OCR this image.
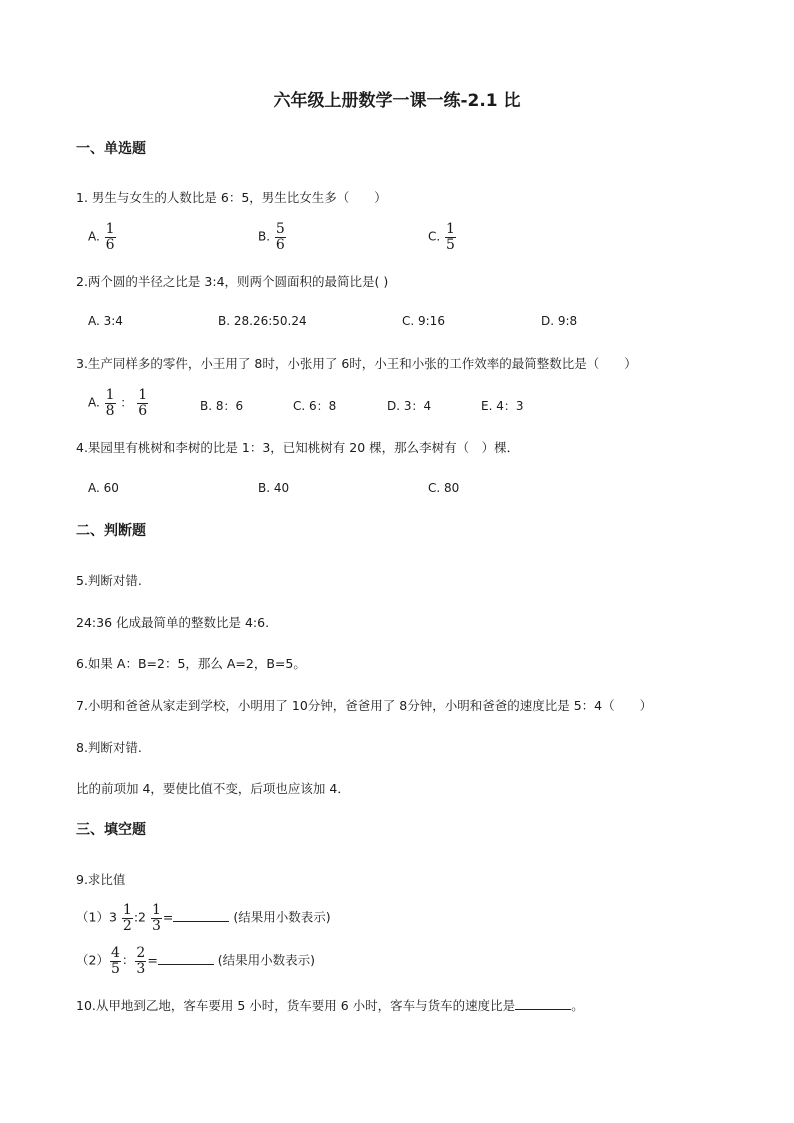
六年级上册数学一课一练-2.1 比
一、单选题
1. 男生与女生的人数比是 6：5，男生比女生多（　　）
A. $\frac{1}{6}$	B. $\frac{5}{6}$	C. $\frac{1}{5}$
2.两个圆的半径之比是 3:4，则两个圆面积的最简比是( )
A. 3:4	B. 28.26:50.24	C. 9:16	D. 9:8
3.生产同样多的零件，小王用了 8时，小张用了 6时，小王和小张的工作效率的最简整数比是（　　）
A. $\frac{1}{8}$ ： $\frac{1}{6}$	B. 8：6	C. 6：8	D. 3：4	E. 4：3
4.果园里有桃树和李树的比是 1：3，已知桃树有 20 棵，那么李树有（　）棵．
A. 60	B. 40	C. 80
二、判断题
5.判断对错.
24:36 化成最简单的整数比是 4:6.
6.如果 A：B=2：5，那么 A=2，B=5。
7.小明和爸爸从家走到学校，小明用了 10分钟，爸爸用了 8分钟，小明和爸爸的速度比是 5：4（　　）
8.判断对错.
比的前项加 4，要使比值不变，后项也应该加 4．
三、填空题
9.求比值
$(1)3 \frac{1}{2}$ :2 $\frac{1}{3}$ =	(结果用小数表示)
$(2) \frac{4}{5}$ ： $\frac{2}{3}$ =	(结果用小数表示)
10.从甲地到乙地，客车要用 5 小时，货车要用 6 小时，客车与货车的速度比是	。
